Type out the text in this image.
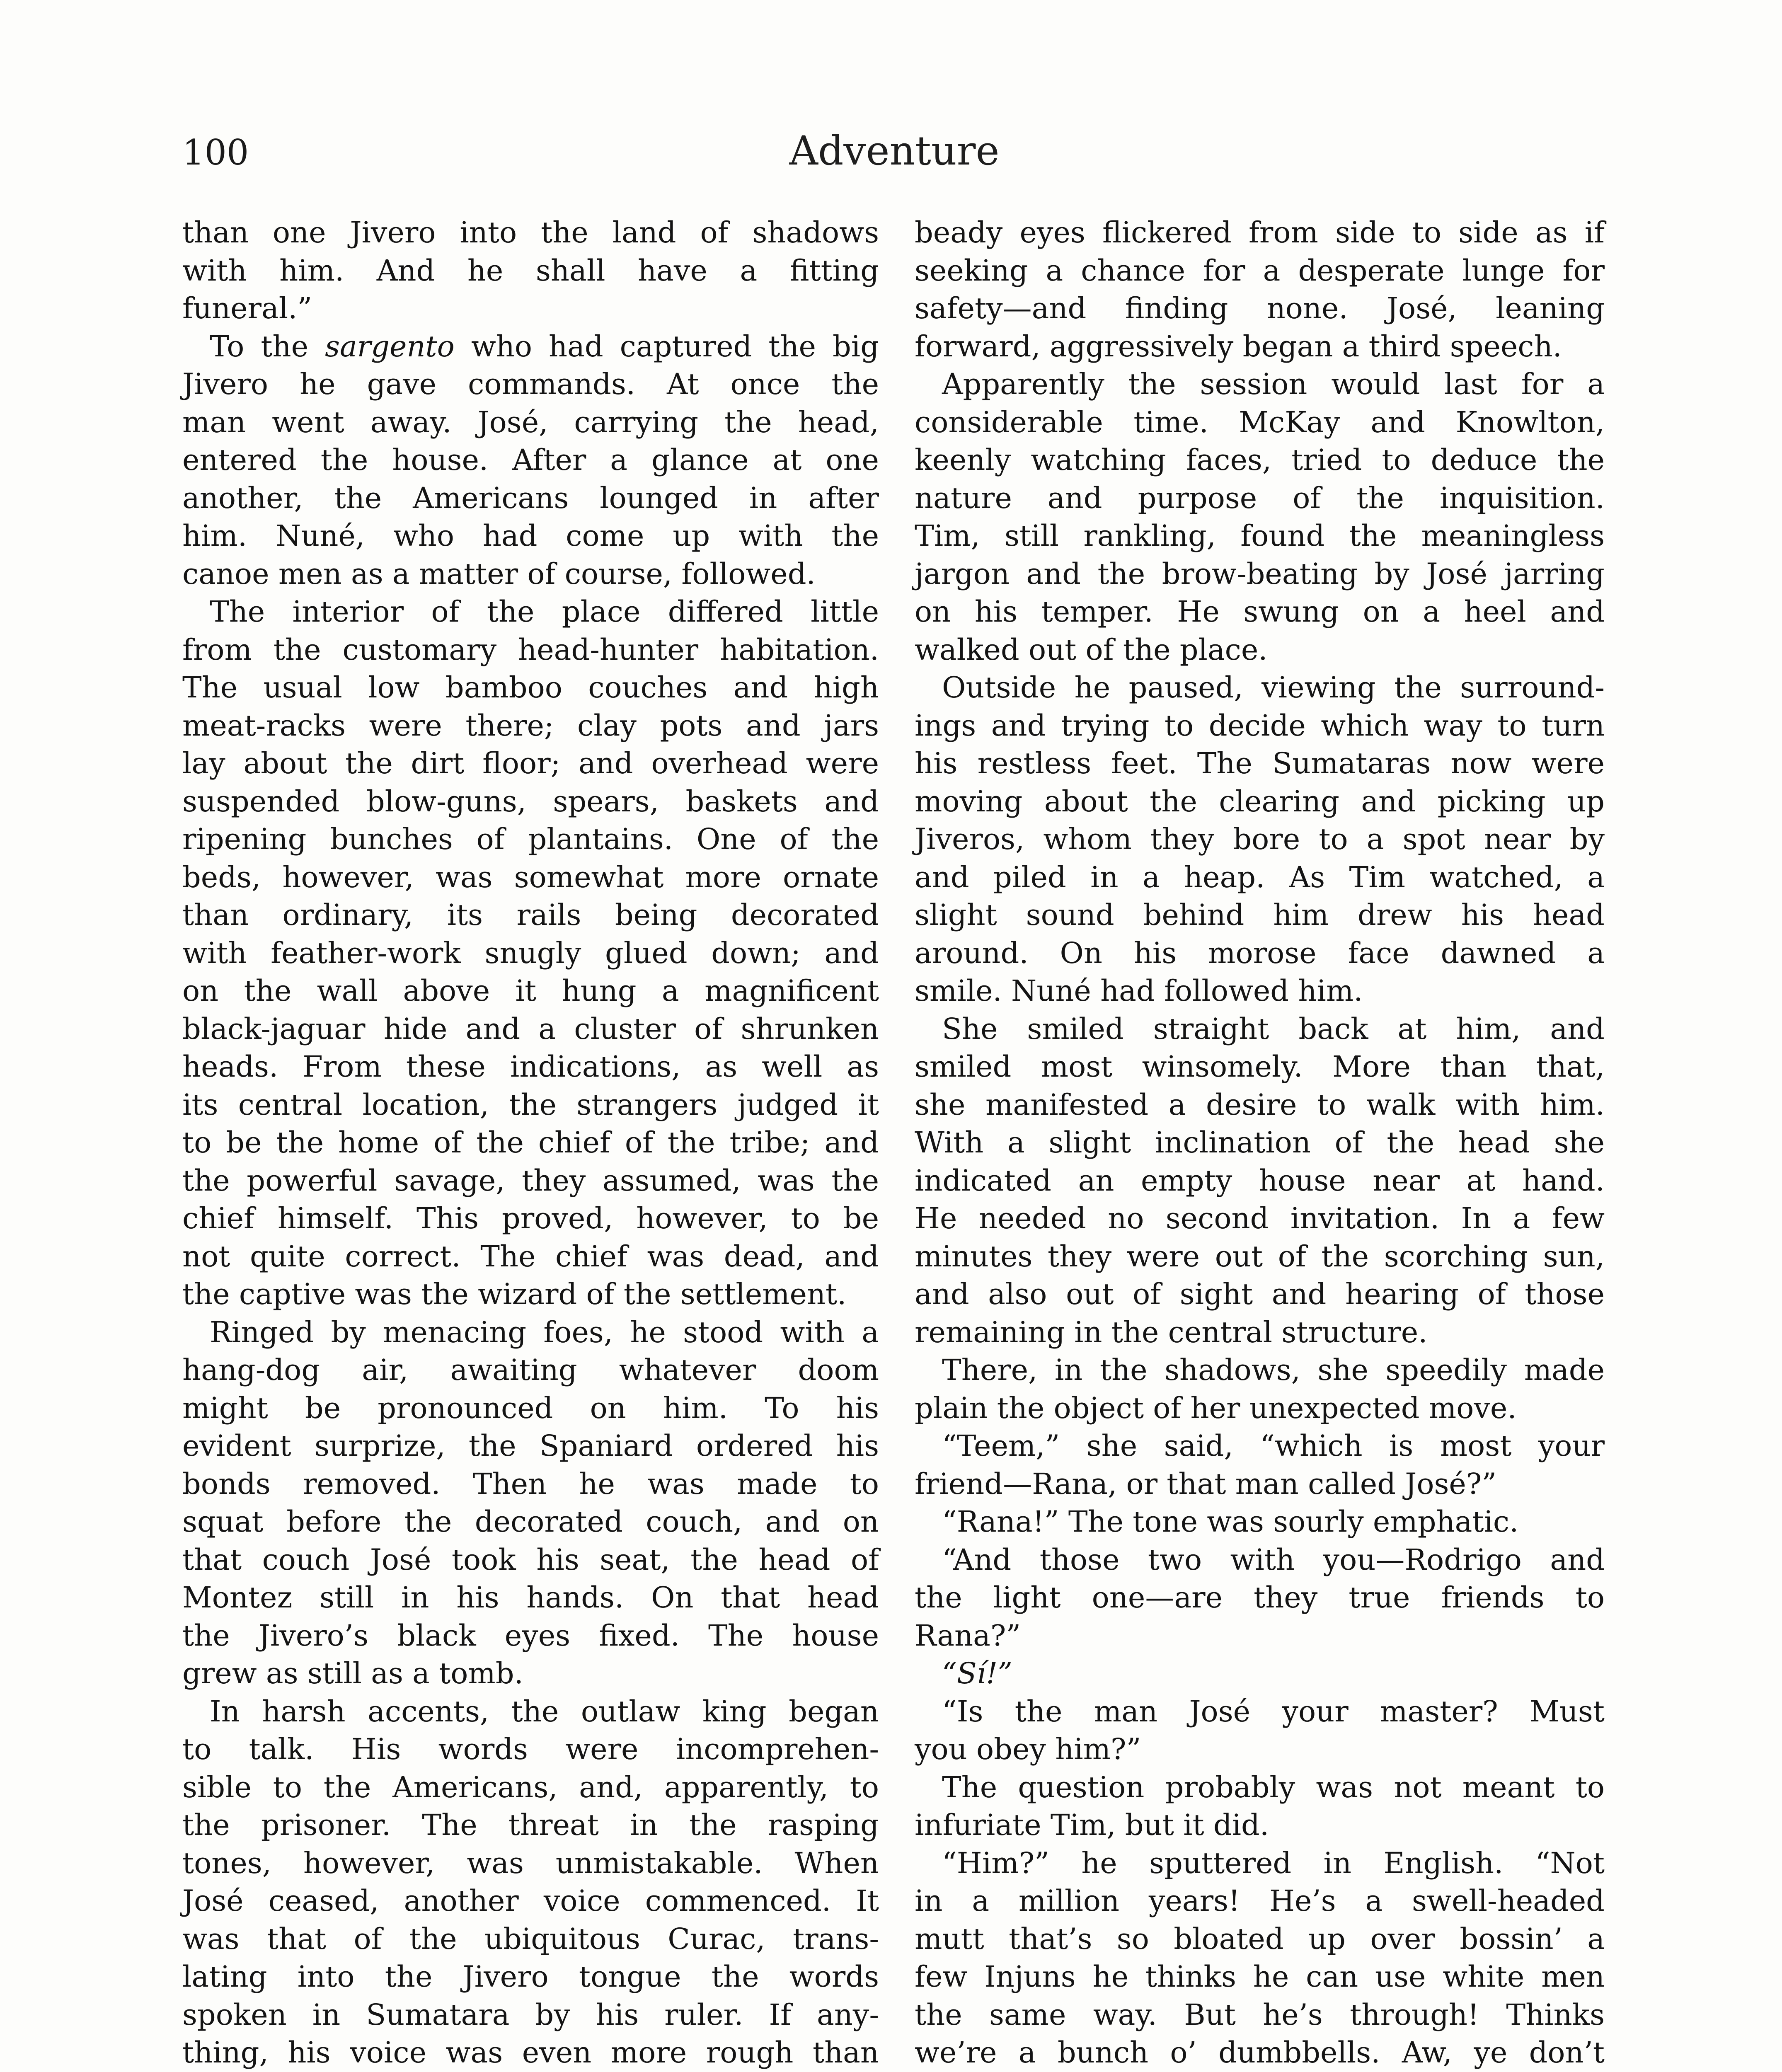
100	Adventure
than one Jivero into the land of shadows
with him. And he shall have a fitting
funeral.”
To the sargento who had captured the big
Jivero he gave commands. At once the
man went away. José, carrying the head,
entered the house. After a glance at one
another, the Americans lounged in after
him. Nuné, who had come up with the
canoe men as a matter of course, followed.
The interior of the place differed little
from the customary head-hunter habitation.
The usual low bamboo couches and high
meat-racks were there; clay pots and jars
lay about the dirt floor; and overhead were
suspended blow-guns, spears, baskets and
ripening bunches of plantains. One of the
beds, however, was somewhat more ornate
than ordinary, its rails being decorated
with feather-work snugly glued down; and
on the wall above it hung a magnificent
black-jaguar hide and a cluster of shrunken
heads. From these indications, as well as
its central location, the strangers judged it
to be the home of the chief of the tribe; and
the powerful savage, they assumed, was the
chief himself. This proved, however, to be
not quite correct. The chief was dead, and
the captive was the wizard of the settlement.
Ringed by menacing foes, he stood with a
hang-dog air, awaiting whatever doom
might be pronounced on him. To his
evident surprize, the Spaniard ordered his
bonds removed. Then he was made to
squat before the decorated couch, and on
that couch José took his seat, the head of
Montez still in his hands. On that head
the Jivero’s black eyes fixed. The house
grew as still as a tomb.
In harsh accents, the outlaw king began
to talk. His words were incomprehen-
sible to the Americans, and, apparently, to
the prisoner. The threat in the rasping
tones, however, was unmistakable. When
José ceased, another voice commenced. It
was that of the ubiquitous Curac, trans-
lating into the Jivero tongue the words
spoken in Sumatara by his ruler. If any-
thing, his voice was even more rough than
beady eyes flickered from side to side as if
seeking a chance for a desperate lunge for
safety—and finding none. José, leaning
forward, aggressively began a third speech.
Apparently the session would last for a
considerable time. McKay and Knowlton,
keenly watching faces, tried to deduce the
nature and purpose of the inquisition.
Tim, still rankling, found the meaningless
jargon and the brow-beating by José jarring
on his temper. He swung on a heel and
walked out of the place.
Outside he paused, viewing the surround-
ings and trying to decide which way to turn
his restless feet. The Sumataras now were
moving about the clearing and picking up
Jiveros, whom they bore to a spot near by
and piled in a heap. As Tim watched, a
slight sound behind him drew his head
around. On his morose face dawned a
smile. Nuné had followed him.
She smiled straight back at him, and
smiled most winsomely. More than that,
she manifested a desire to walk with him.
With a slight inclination of the head she
indicated an empty house near at hand.
He needed no second invitation. In a few
minutes they were out of the scorching sun,
and also out of sight and hearing of those
remaining in the central structure.
There, in the shadows, she speedily made
plain the object of her unexpected move.
“Teem,” she said, “which is most your
friend—Rana, or that man called José?”
“Rana!” The tone was sourly emphatic.
“And those two with you—Rodrigo and
the light one—are they true friends to
Rana?”
“Sí!”
“Is the man José your master? Must
you obey him?”
The question probably was not meant to
infuriate Tim, but it did.
“Him?” he sputtered in English. “Not
in a million years! He’s a swell-headed
mutt that’s so bloated up over bossin’ a
few Injuns he thinks he can use white men
the same way. But he’s through! Thinks
we’re a bunch o’ dumbbells. Aw, ye don’t
